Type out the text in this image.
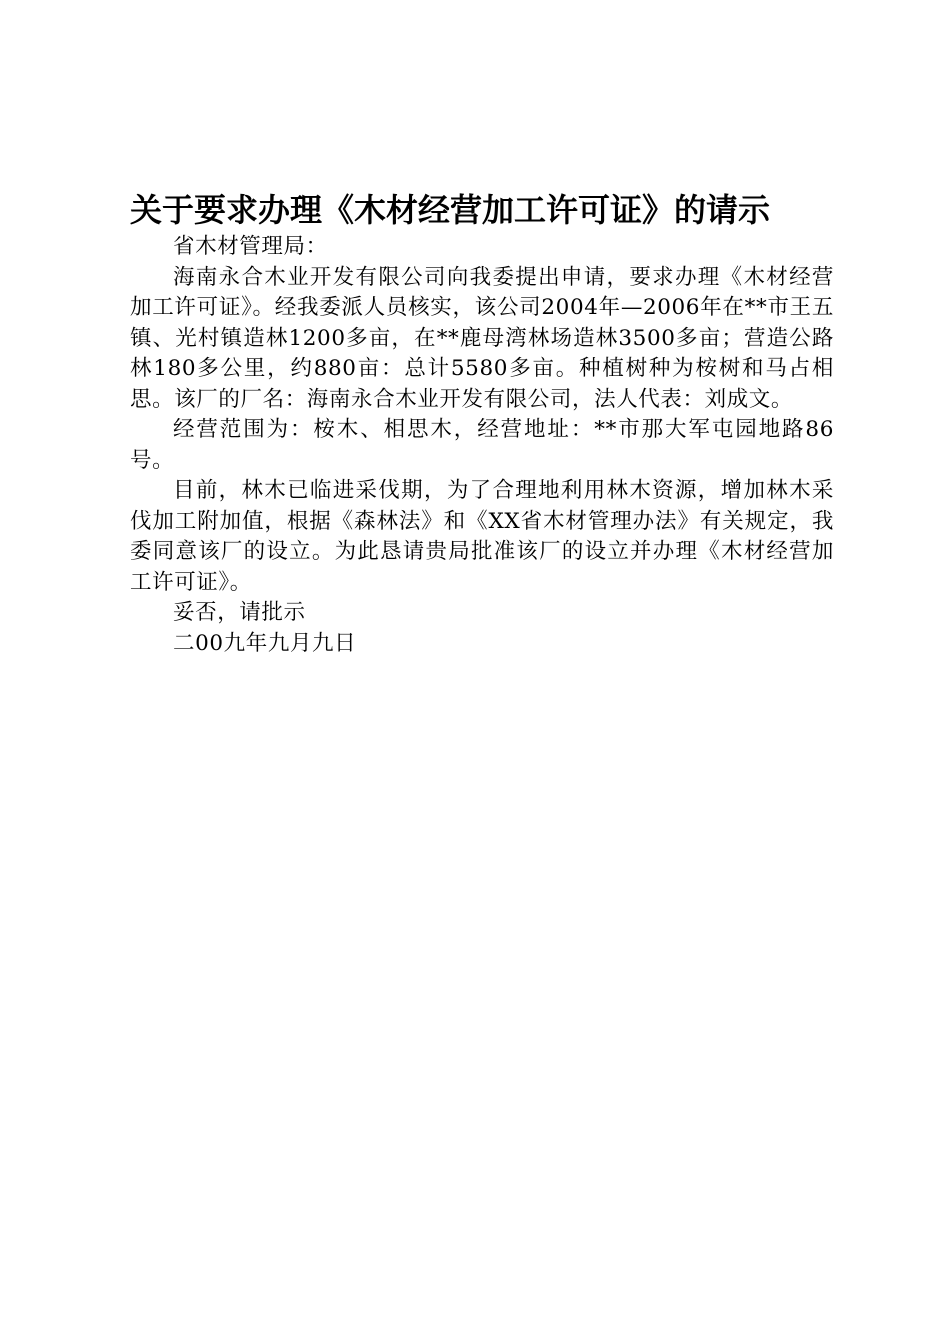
关于要求办理《木材经营加工许可证》的请示

省木材管理局：

海南永合木业开发有限公司向我委提出申请，要求办理《木材经营加工许可证》。经我委派人员核实，该公司2004年—2006年在**市王五镇、光村镇造林1200多亩，在**鹿母湾林场造林3500多亩；营造公路林180多公里，约880亩：总计5580多亩。种植树种为桉树和马占相思。该厂的厂名：海南永合木业开发有限公司，法人代表：刘成文。

经营范围为：桉木、相思木，经营地址：**市那大军屯园地路86号。

目前，林木已临进采伐期，为了合理地利用林木资源，增加林木采伐加工附加值，根据《森林法》和《XX省木材管理办法》有关规定，我委同意该厂的设立。为此恳请贵局批准该厂的设立并办理《木材经营加工许可证》。

妥否，请批示

二00九年九月九日
